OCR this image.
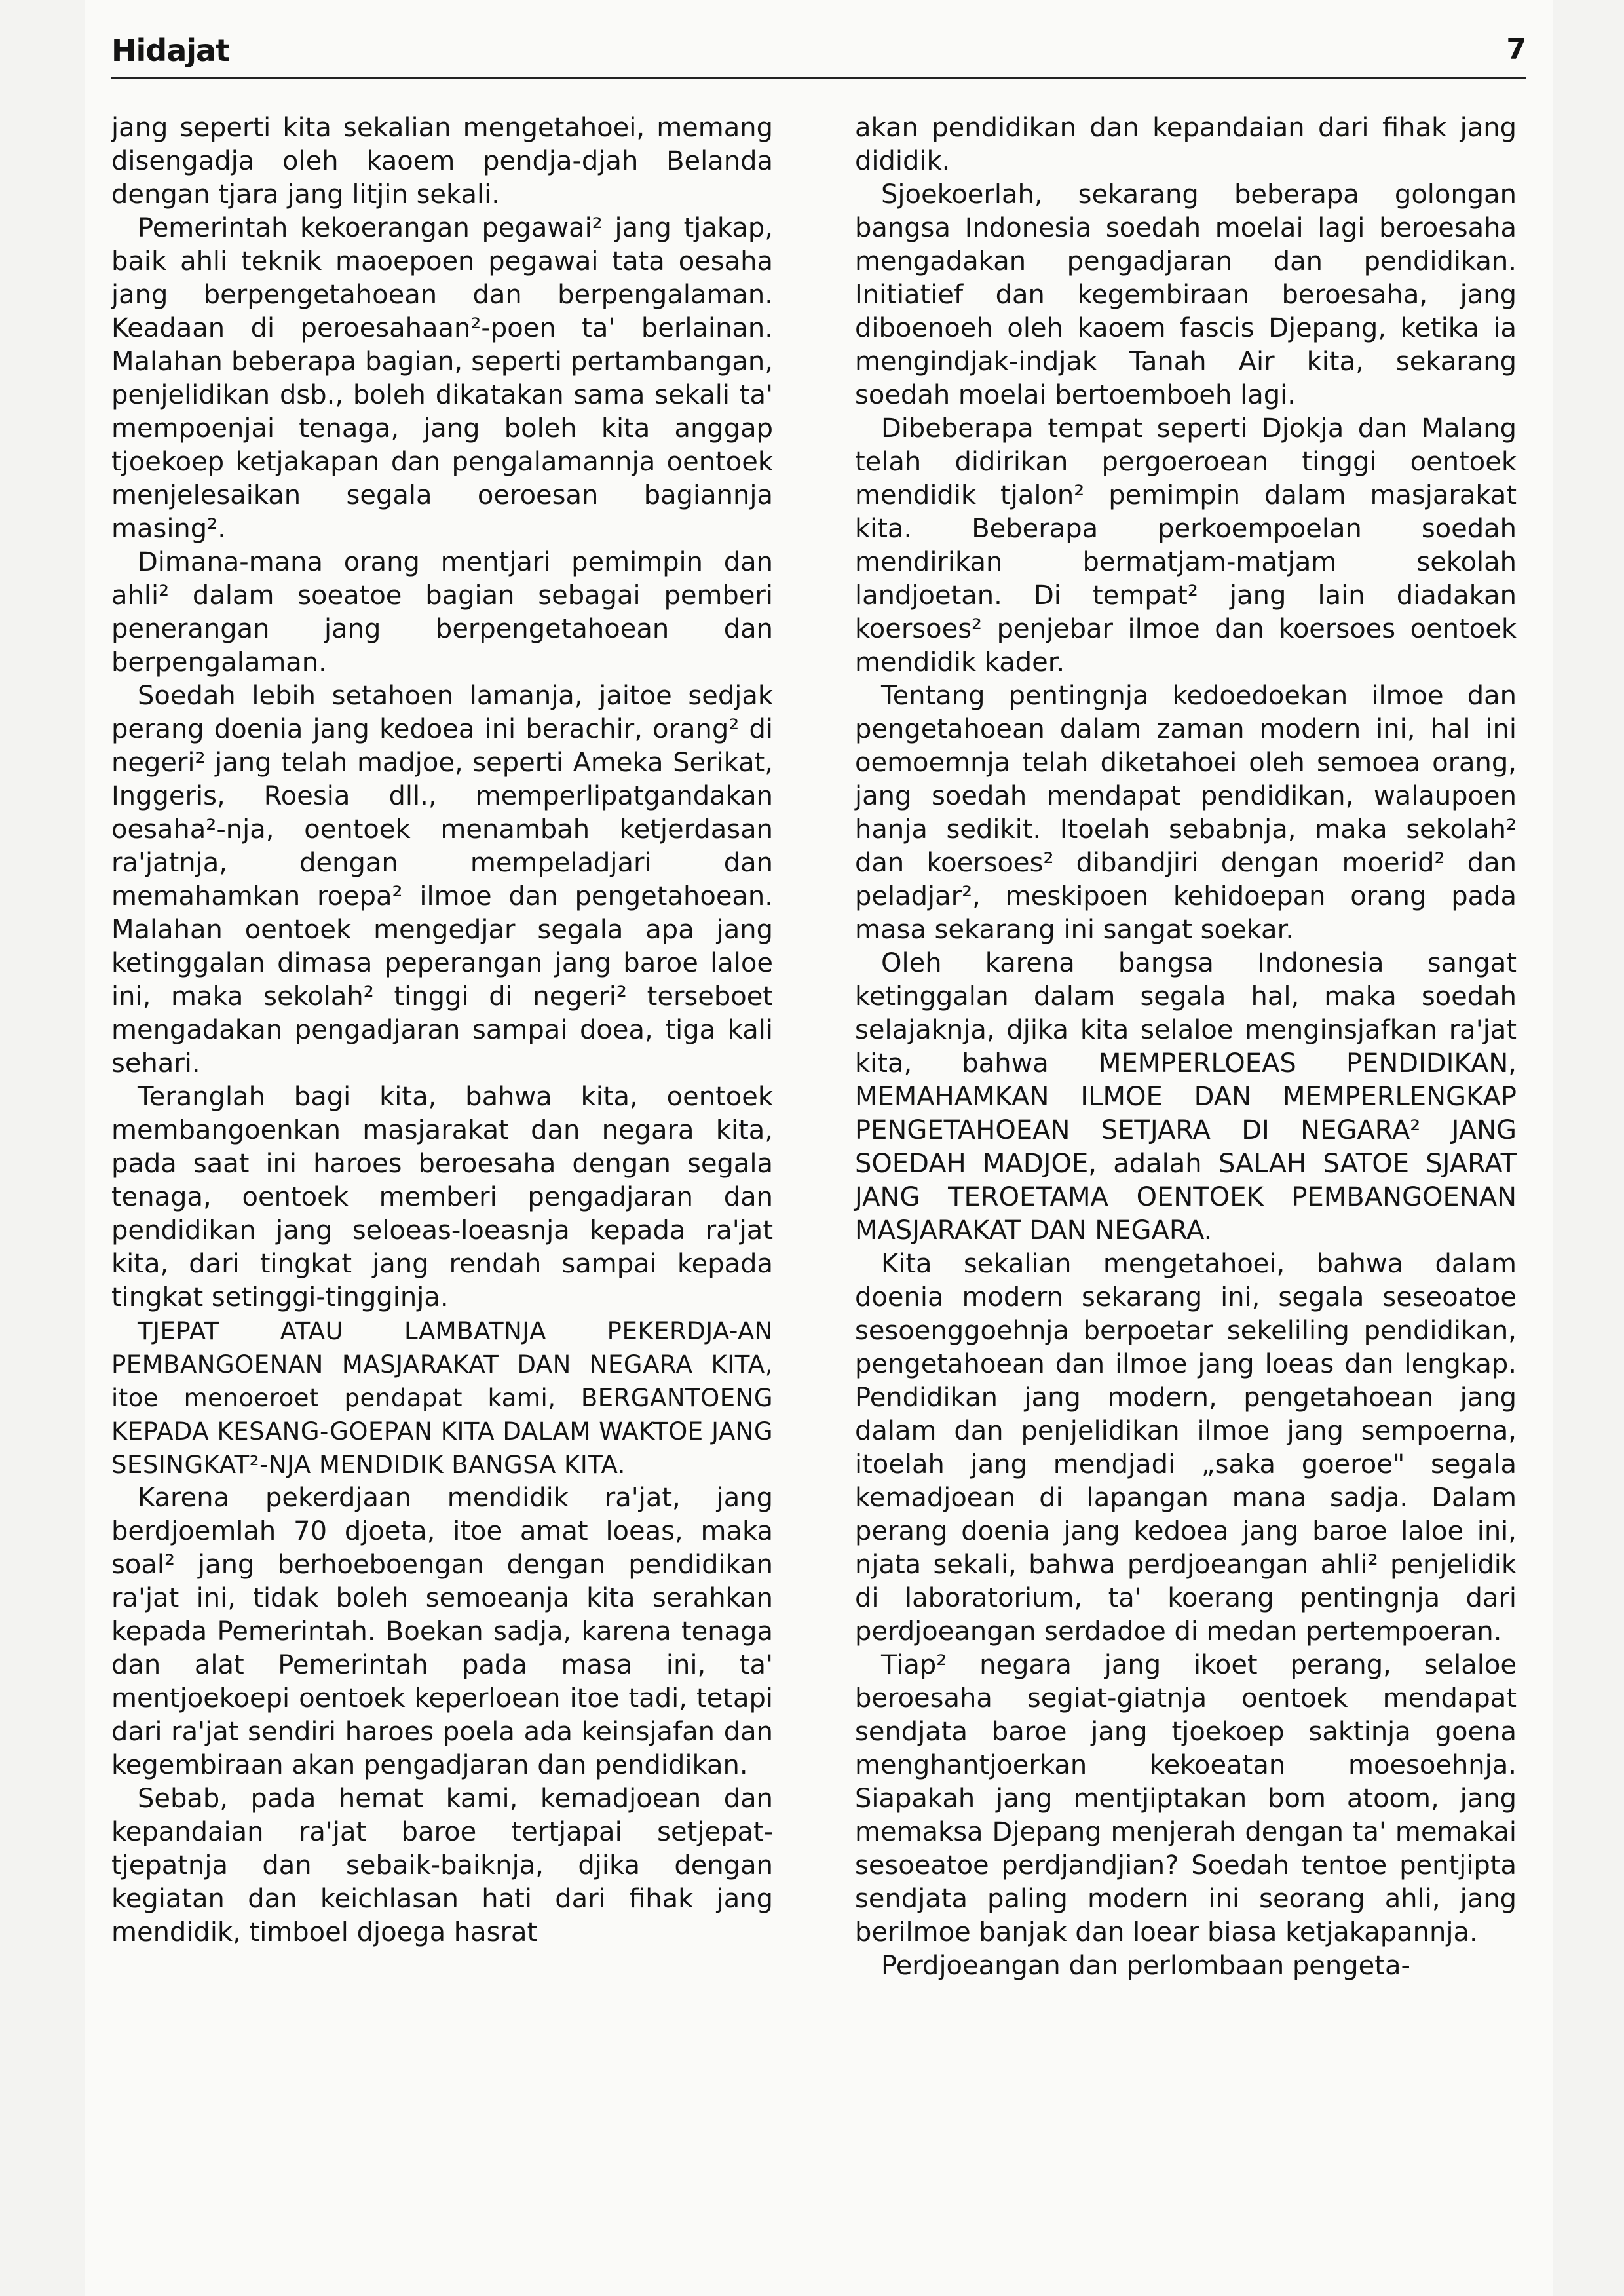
Hidajat	7

jang seperti kita sekalian mengetahoei, memang disengadja oleh kaoem pendja-djah Belanda dengan tjara jang litjin sekali.

Pemerintah kekoerangan pegawai² jang tjakap, baik ahli teknik maoepoen pegawai tata oesaha jang berpengetahoean dan berpengalaman. Keadaan di peroesahaan²-poen ta' berlainan. Malahan beberapa bagian, seperti pertambangan, penjelidikan dsb., boleh dikatakan sama sekali ta' mempoenjai tenaga, jang boleh kita anggap tjoekoep ketjakapan dan pengalamannja oentoek menjelesaikan segala oeroesan bagiannja masing².

Dimana-mana orang mentjari pemimpin dan ahli² dalam soeatoe bagian sebagai pemberi penerangan jang berpengetahoean dan berpengalaman.

Soedah lebih setahoen lamanja, jaitoe sedjak perang doenia jang kedoea ini berachir, orang² di negeri² jang telah madjoe, seperti Ameka Serikat, Inggeris, Roesia dll., memperlipatgandakan oesaha²-nja, oentoek menambah ketjerdasan ra'jatnja, dengan mempeladjari dan memahamkan roepa² ilmoe dan pengetahoean. Malahan oentoek mengedjar segala apa jang ketinggalan dimasa peperangan jang baroe laloe ini, maka sekolah² tinggi di negeri² terseboet mengadakan pengadjaran sampai doea, tiga kali sehari.

Teranglah bagi kita, bahwa kita, oentoek membangoenkan masjarakat dan negara kita, pada saat ini haroes beroesaha dengan segala tenaga, oentoek memberi pengadjaran dan pendidikan jang seloeas-loeasnja kepada ra'jat kita, dari tingkat jang rendah sampai kepada tingkat setinggi-tingginja.

TJEPAT ATAU LAMBATNJA PEKERDJA-AN PEMBANGOENAN MASJARAKAT DAN NEGARA KITA, itoe menoeroet pendapat kami, BERGANTOENG KEPADA KESANG-GOEPAN KITA DALAM WAKTOE JANG SESINGKAT²-NJA MENDIDIK BANGSA KITA.

Karena pekerdjaan mendidik ra'jat, jang berdjoemlah 70 djoeta, itoe amat loeas, maka soal² jang berhoeboengan dengan pendidikan ra'jat ini, tidak boleh semoeanja kita serahkan kepada Pemerintah. Boekan sadja, karena tenaga dan alat Pemerintah pada masa ini, ta' mentjoekoepi oentoek keperloean itoe tadi, tetapi dari ra'jat sendiri haroes poela ada keinsjafan dan kegembiraan akan pengadjaran dan pendidikan.

Sebab, pada hemat kami, kemadjoean dan kepandaian ra'jat baroe tertjapai setjepat-tjepatnja dan sebaik-baiknja, djika dengan kegiatan dan keichlasan hati dari fihak jang mendidik, timboel djoega hasrat

akan pendidikan dan kepandaian dari fihak jang dididik.

Sjoekoerlah, sekarang beberapa golongan bangsa Indonesia soedah moelai lagi beroesaha mengadakan pengadjaran dan pendidikan. Initiatief dan kegembiraan beroesaha, jang diboenoeh oleh kaoem fascis Djepang, ketika ia mengindjak-indjak Tanah Air kita, sekarang soedah moelai bertoemboeh lagi.

Dibeberapa tempat seperti Djokja dan Malang telah didirikan pergoeroean tinggi oentoek mendidik tjalon² pemimpin dalam masjarakat kita. Beberapa perkoempoelan soedah mendirikan bermatjam-matjam sekolah landjoetan. Di tempat² jang lain diadakan koersoes² penjebar ilmoe dan koersoes oentoek mendidik kader.

Tentang pentingnja kedoedoekan ilmoe dan pengetahoean dalam zaman modern ini, hal ini oemoemnja telah diketahoei oleh semoea orang, jang soedah mendapat pendidikan, walaupoen hanja sedikit. Itoelah sebabnja, maka sekolah² dan koersoes² dibandjiri dengan moerid² dan peladjar², meskipoen kehidoepan orang pada masa sekarang ini sangat soekar.

Oleh karena bangsa Indonesia sangat ketinggalan dalam segala hal, maka soedah selajaknja, djika kita selaloe menginsjafkan ra'jat kita, bahwa MEMPERLOEAS PENDIDIKAN, MEMAHAMKAN ILMOE DAN MEMPERLENGKAP PENGETAHOEAN SETJARA DI NEGARA² JANG SOEDAH MADJOE, adalah SALAH SATOE SJARAT JANG TEROETAMA OENTOEK PEMBANGOENAN MASJARAKAT DAN NEGARA.

Kita sekalian mengetahoei, bahwa dalam doenia modern sekarang ini, segala seseoatoe sesoenggoehnja berpoetar sekeliling pendidikan, pengetahoean dan ilmoe jang loeas dan lengkap. Pendidikan jang modern, pengetahoean jang dalam dan penjelidikan ilmoe jang sempoerna, itoelah jang mendjadi „saka goeroe" segala kemadjoean di lapangan mana sadja. Dalam perang doenia jang kedoea jang baroe laloe ini, njata sekali, bahwa perdjoeangan ahli² penjelidik di laboratorium, ta' koerang pentingnja dari perdjoeangan serdadoe di medan pertempoeran.

Tiap² negara jang ikoet perang, selaloe beroesaha segiat-giatnja oentoek mendapat sendjata baroe jang tjoekoep saktinja goena menghantjoerkan kekoeatan moesoehnja. Siapakah jang mentjiptakan bom atoom, jang memaksa Djepang menjerah dengan ta' memakai sesoeatoe perdjandjian? Soedah tentoe pentjipta sendjata paling modern ini seorang ahli, jang berilmoe banjak dan loear biasa ketjakapannja.

Perdjoeangan dan perlombaan pengeta-
